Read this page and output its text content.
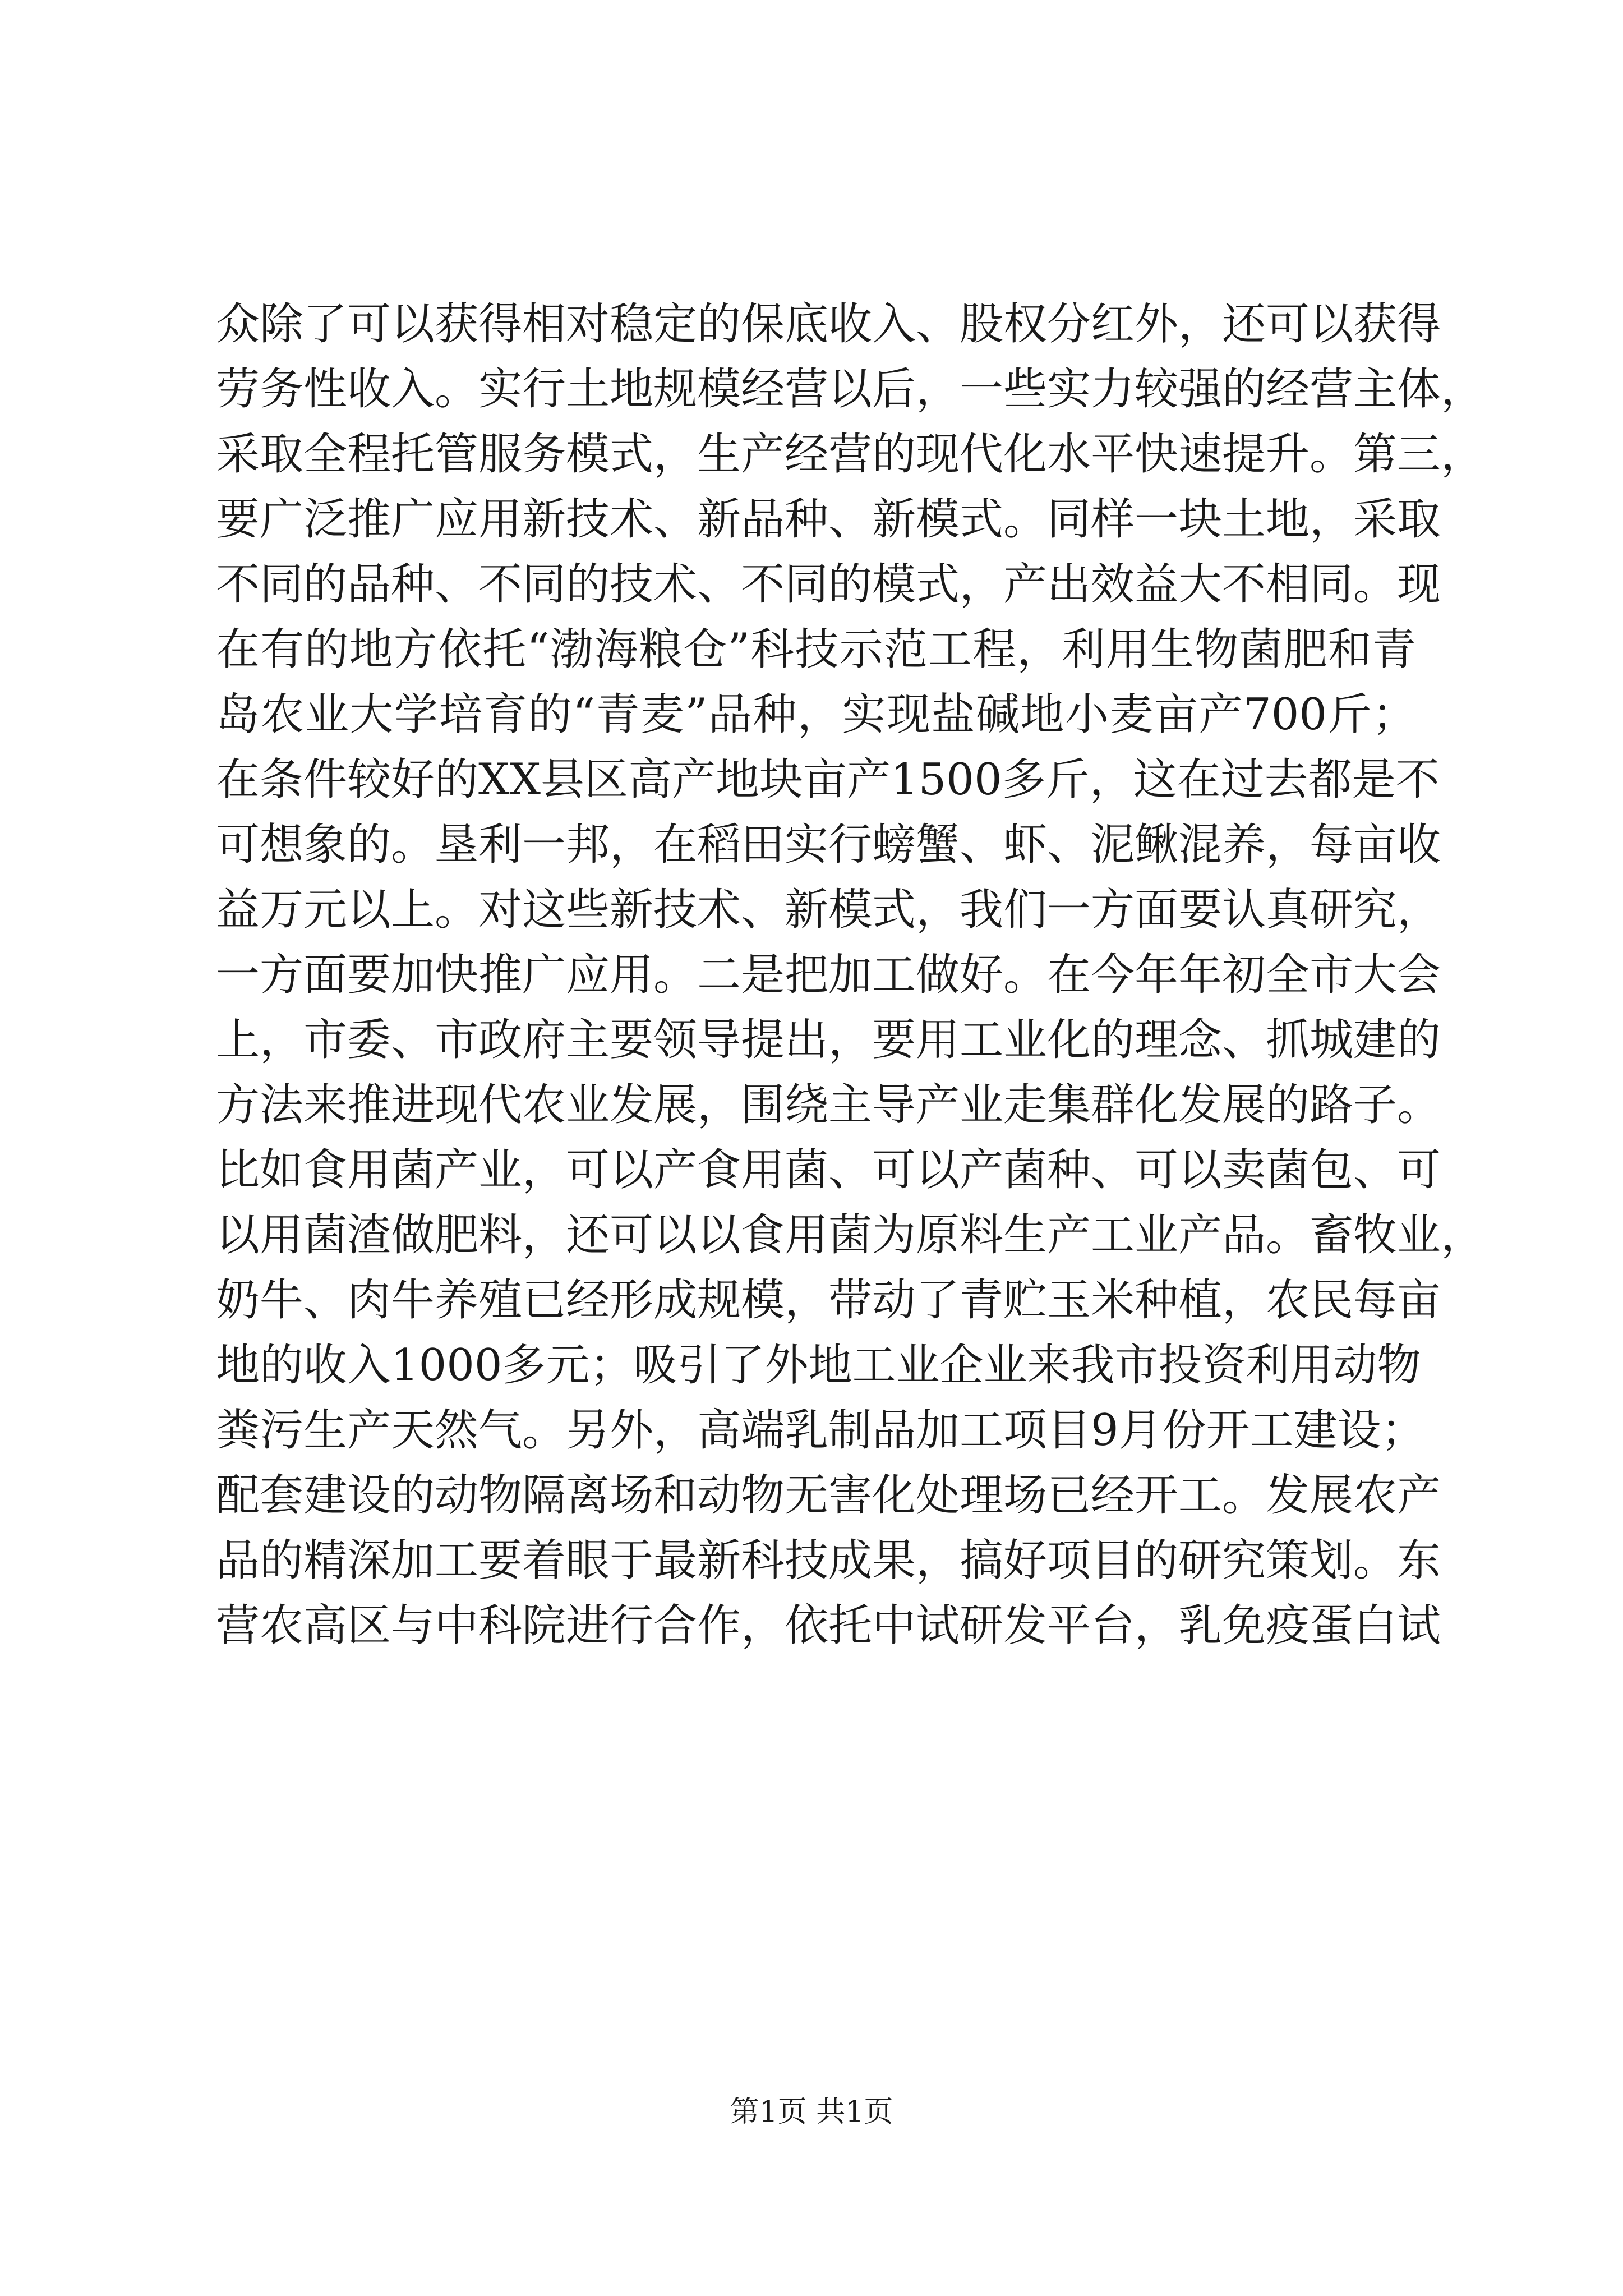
众除了可以获得相对稳定的保底收入、股权分红外，还可以获得
劳务性收入。实行土地规模经营以后，一些实力较强的经营主体，
采取全程托管服务模式，生产经营的现代化水平快速提升。第三，
要广泛推广应用新技术、新品种、新模式。同样一块土地，采取
不同的品种、不同的技术、不同的模式，产出效益大不相同。现
在有的地方依托“渤海粮仓”科技示范工程，利用生物菌肥和青
岛农业大学培育的“青麦”品种，实现盐碱地小麦亩产700斤；
在条件较好的XX县区高产地块亩产1500多斤，这在过去都是不
可想象的。垦利一邦，在稻田实行螃蟹、虾、泥鳅混养，每亩收
益万元以上。对这些新技术、新模式，我们一方面要认真研究，
一方面要加快推广应用。二是把加工做好。在今年年初全市大会
上，市委、市政府主要领导提出，要用工业化的理念、抓城建的
方法来推进现代农业发展，围绕主导产业走集群化发展的路子。
比如食用菌产业，可以产食用菌、可以产菌种、可以卖菌包、可
以用菌渣做肥料，还可以以食用菌为原料生产工业产品。畜牧业，
奶牛、肉牛养殖已经形成规模，带动了青贮玉米种植，农民每亩
地的收入1000多元；吸引了外地工业企业来我市投资利用动物
粪污生产天然气。另外，高端乳制品加工项目9月份开工建设；
配套建设的动物隔离场和动物无害化处理场已经开工。发展农产
品的精深加工要着眼于最新科技成果，搞好项目的研究策划。东
营农高区与中科院进行合作，依托中试研发平台，乳免疫蛋白试
第1页 共1页
